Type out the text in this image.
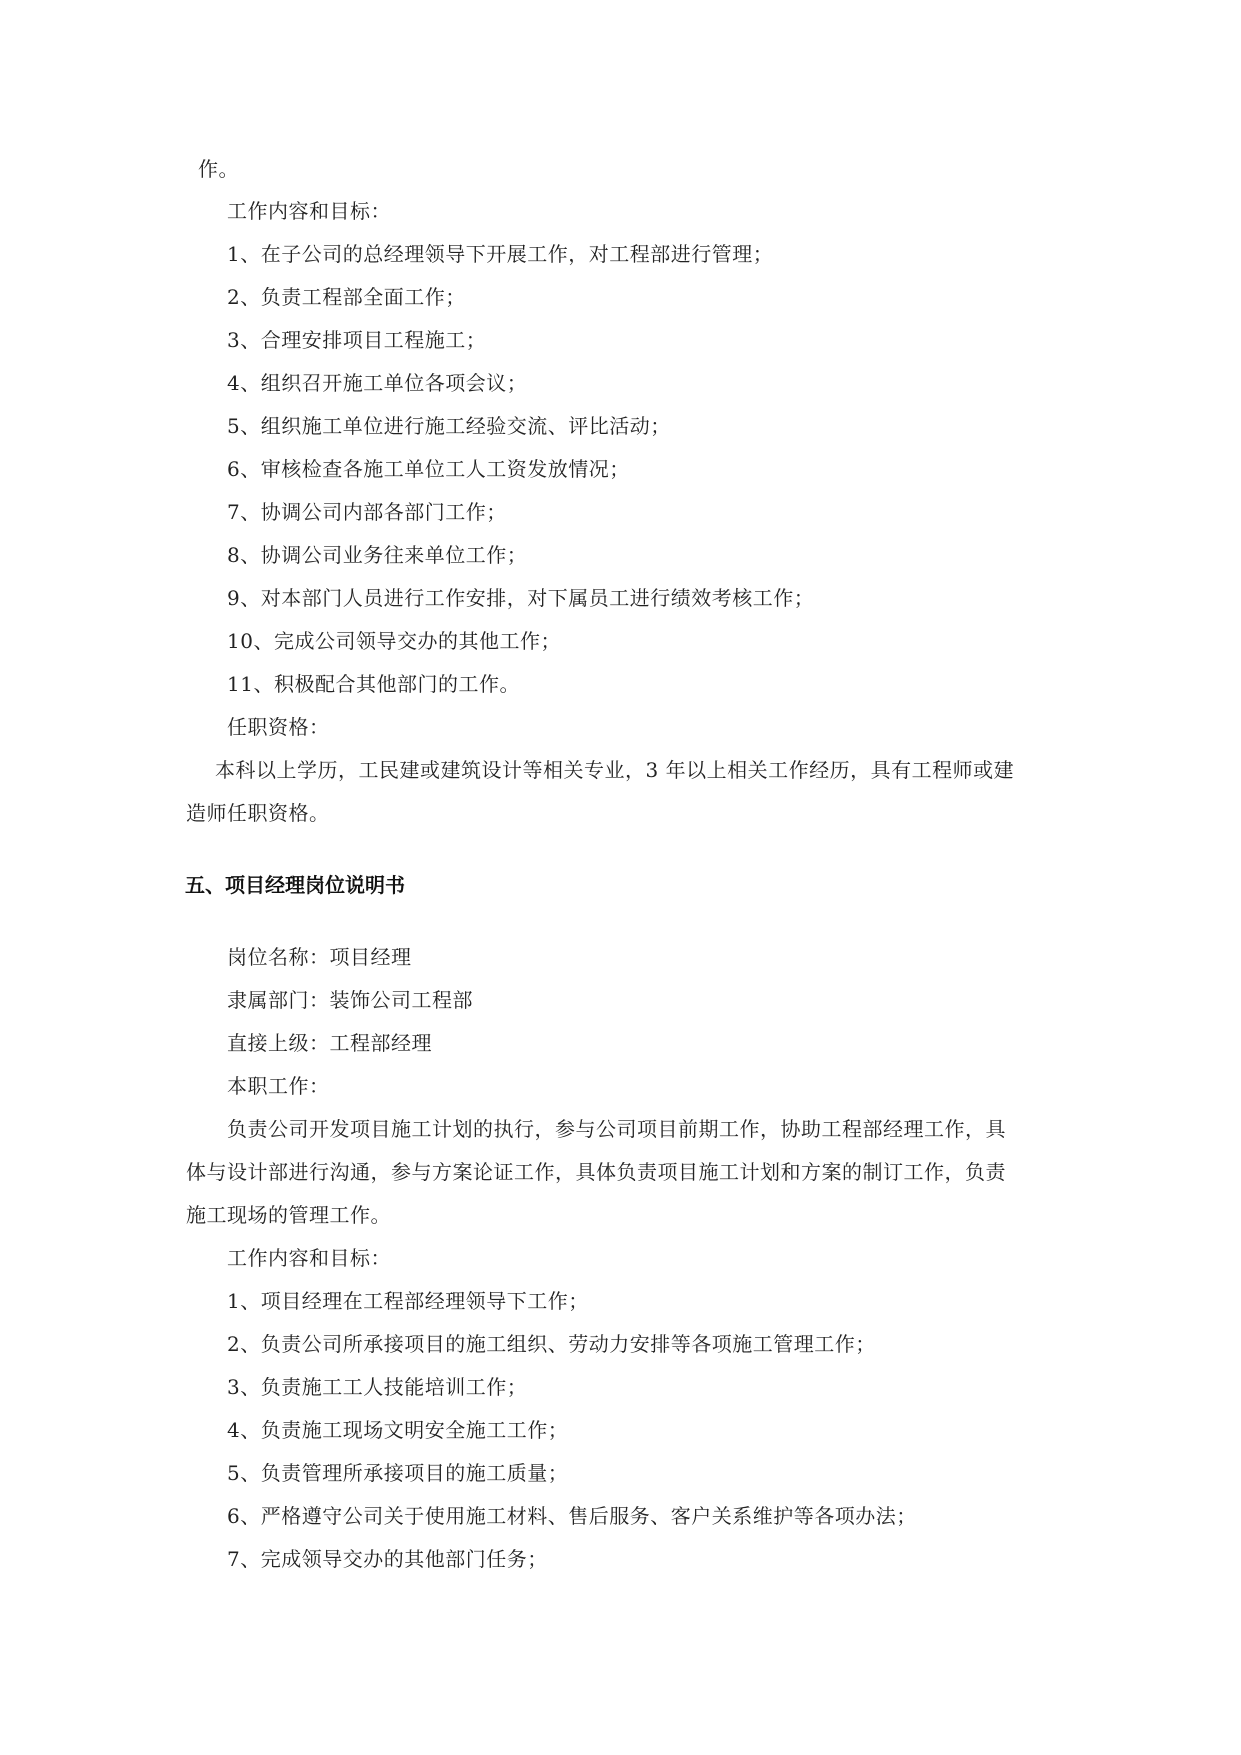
作。
工作内容和目标：
1、在子公司的总经理领导下开展工作，对工程部进行管理；
2、负责工程部全面工作；
3、合理安排项目工程施工；
4、组织召开施工单位各项会议；
5、组织施工单位进行施工经验交流、评比活动；
6、审核检查各施工单位工人工资发放情况；
7、协调公司内部各部门工作；
8、协调公司业务往来单位工作；
9、对本部门人员进行工作安排，对下属员工进行绩效考核工作；
10、完成公司领导交办的其他工作；
11、积极配合其他部门的工作。
任职资格：
本科以上学历，工民建或建筑设计等相关专业，3 年以上相关工作经历，具有工程师或建
造师任职资格。
五、项目经理岗位说明书
岗位名称：项目经理
隶属部门：装饰公司工程部
直接上级：工程部经理
本职工作：
负责公司开发项目施工计划的执行，参与公司项目前期工作，协助工程部经理工作，具
体与设计部进行沟通，参与方案论证工作，具体负责项目施工计划和方案的制订工作，负责
施工现场的管理工作。
工作内容和目标：
1、项目经理在工程部经理领导下工作；
2、负责公司所承接项目的施工组织、劳动力安排等各项施工管理工作；
3、负责施工工人技能培训工作；
4、负责施工现场文明安全施工工作；
5、负责管理所承接项目的施工质量；
6、严格遵守公司关于使用施工材料、售后服务、客户关系维护等各项办法；
7、完成领导交办的其他部门任务；
